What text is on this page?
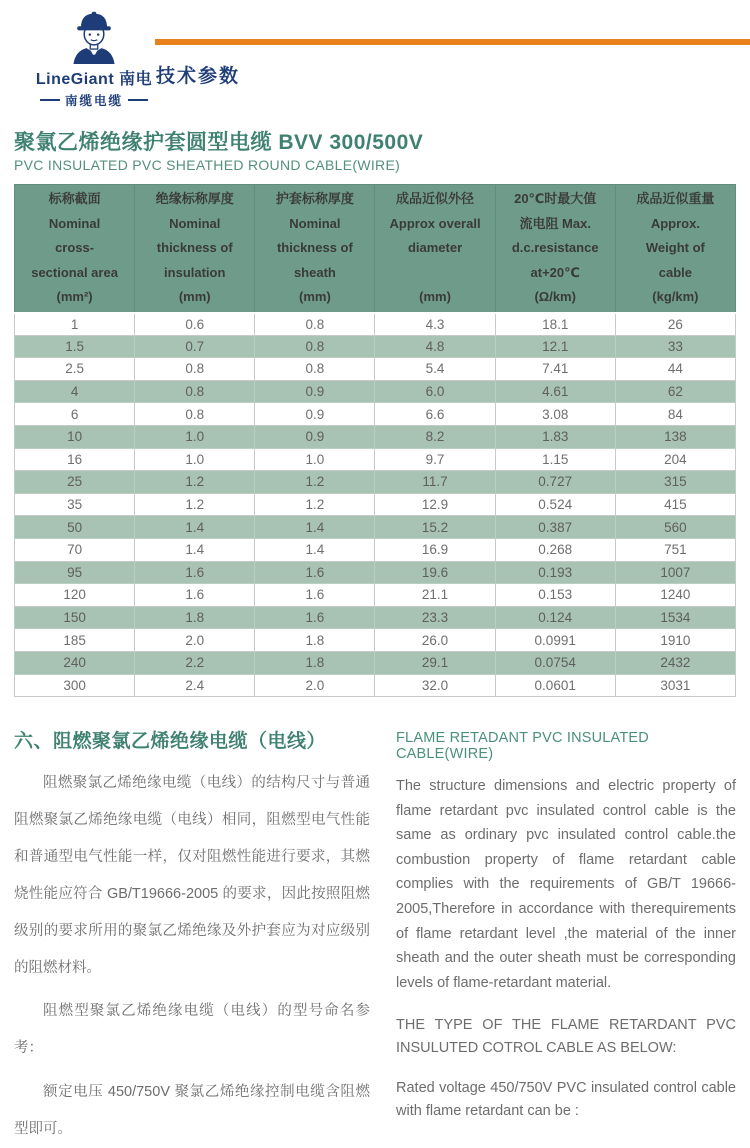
LineGiant 南电
南缆电缆
技术参数
聚氯乙烯绝缘护套圆型电缆 BVV 300/500V
PVC INSULATED PVC SHEATHED ROUND CABLE(WIRE)
标称截面
Nominal
cross-
sectional area
(mm²)

绝缘标称厚度
Nominal
thickness of
insulation
(mm)

护套标称厚度
Nominal
thickness of
sheath
(mm)

成品近似外径
Approx overall
diameter
(mm)

20℃时最大值
流电阻 Max.
d.c.resistance
at+20℃
(Ω/km)

成品近似重量
Approx.
Weight of
cable
(kg/km)

1	0.6	0.8	4.3	18.1	26
1.5	0.7	0.8	4.8	12.1	33
2.5	0.8	0.8	5.4	7.41	44
4	0.8	0.9	6.0	4.61	62
6	0.8	0.9	6.6	3.08	84
10	1.0	0.9	8.2	1.83	138
16	1.0	1.0	9.7	1.15	204
25	1.2	1.2	11.7	0.727	315
35	1.2	1.2	12.9	0.524	415
50	1.4	1.4	15.2	0.387	560
70	1.4	1.4	16.9	0.268	751
95	1.6	1.6	19.6	0.193	1007
120	1.6	1.6	21.1	0.153	1240
150	1.8	1.6	23.3	0.124	1534
185	2.0	1.8	26.0	0.0991	1910
240	2.2	1.8	29.1	0.0754	2432
300	2.4	2.0	32.0	0.0601	3031
六、阻燃聚氯乙烯绝缘电缆（电线）

阻燃聚氯乙烯绝缘电缆（电线）的结构尺寸与普通阻燃聚氯乙烯绝缘电缆（电线）相同，阻燃型电气性能和普通型电气性能一样，仅对阻燃性能进行要求，其燃烧性能应符合 GB/T19666-2005 的要求，因此按照阻燃级别的要求所用的聚氯乙烯绝缘及外护套应为对应级别的阻燃材料。

阻燃型聚氯乙烯绝缘电缆（电线）的型号命名参考：

额定电压 450/750V 聚氯乙烯绝缘控制电缆含阻燃型即可。

FLAME RETADANT PVC INSULATED CABLE(WIRE)

The structure dimensions and electric property of flame retardant pvc insulated control cable is the same as ordinary pvc insulated control cable.the combustion property of flame retardant cable complies with the requirements of GB/T 19666-2005,Therefore in accordance with therequirements of flame retardant level ,the material of the inner sheath and the outer sheath must be corresponding levels of flame-retardant material.

THE TYPE OF THE FLAME RETARDANT PVC INSULUTED COTROL CABLE AS BELOW:

Rated voltage 450/750V PVC insulated control cable with flame retardant can be :
